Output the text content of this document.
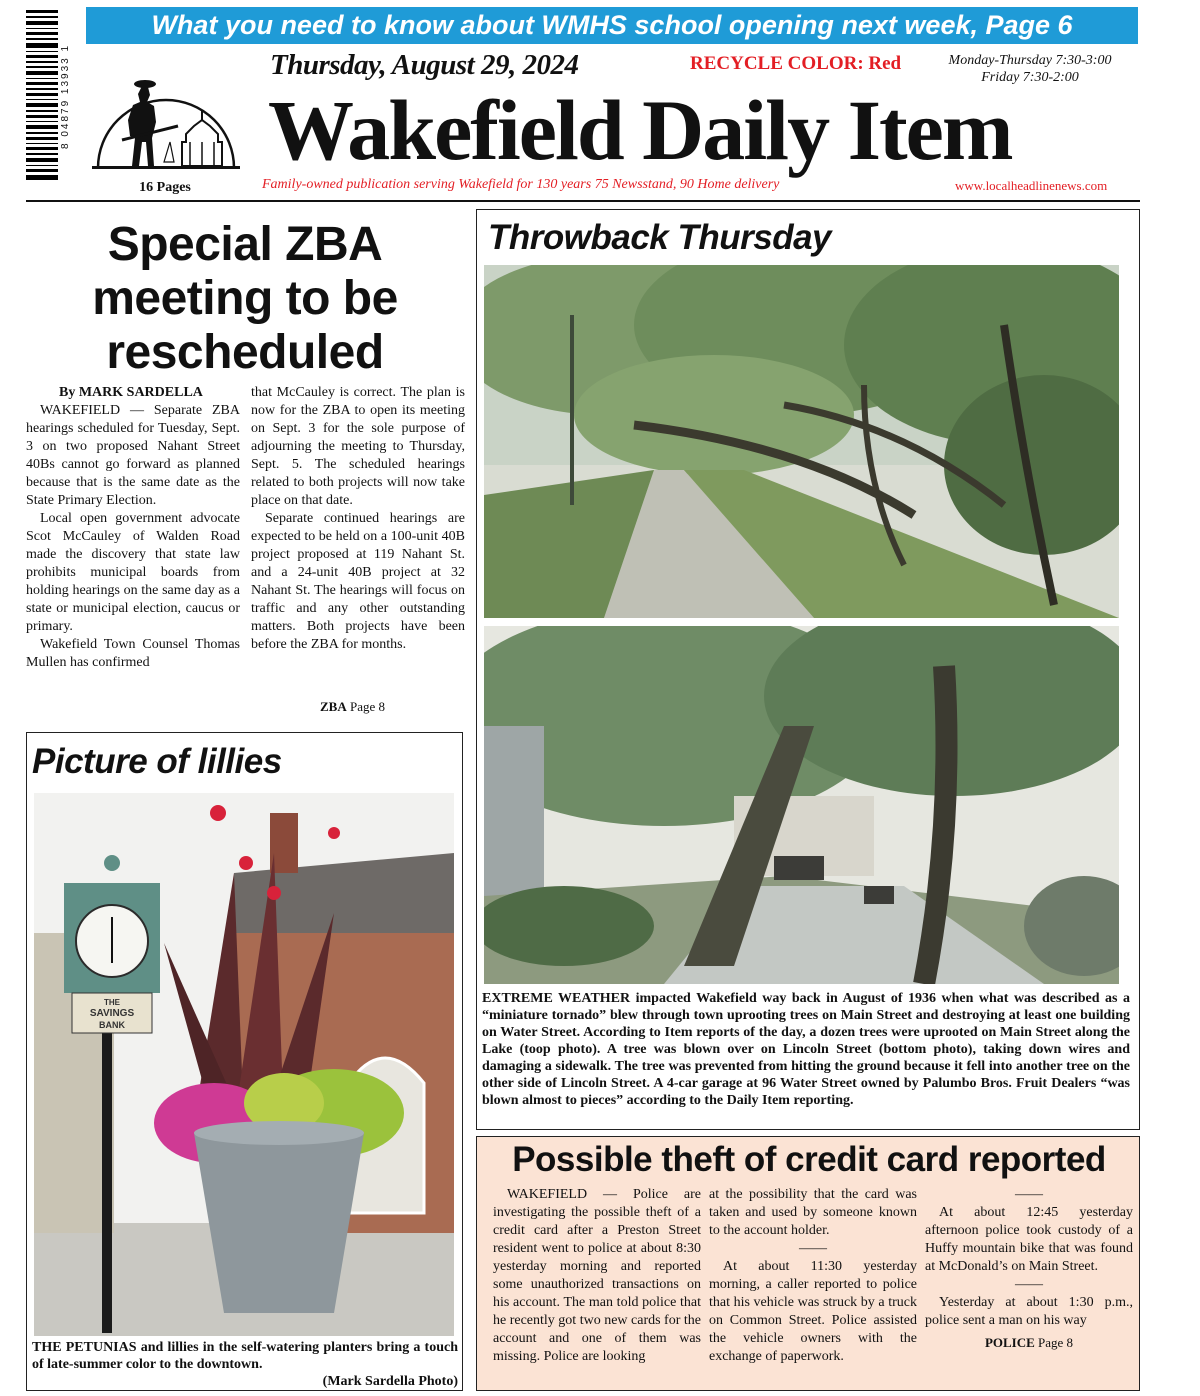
What you need to know about WMHS school opening next week, Page 6
8 04879 13933 1
16 Pages
Thursday, August 29, 2024	RECYCLE COLOR: Red	Monday-Thursday 7:30-3:00
Friday 7:30-2:00
Wakefield Daily Item
Family-owned publication serving Wakefield for 130 years 75 Newsstand, 90 Home delivery	www.localheadlinenews.com
Special ZBA meeting to be rescheduled

By MARK SARDELLA

WAKEFIELD — Separate ZBA hearings scheduled for Tuesday, Sept. 3 on two proposed Nahant Street 40Bs cannot go forward as planned because that is the same date as the State Primary Election.

Local open government advocate Scot McCauley of Walden Road made the discovery that state law prohibits municipal boards from holding hearings on the same day as a state or municipal election, caucus or primary.

Wakefield Town Counsel Thomas Mullen has confirmed

that McCauley is correct. The plan is now for the ZBA to open its meeting on Sept. 3 for the sole purpose of adjourning the meeting to Thursday, Sept. 5. The scheduled hearings related to both projects will now take place on that date.

Separate continued hearings are expected to be held on a 100-unit 40B project proposed at 119 Nahant St. and a 24-unit 40B project at 32 Nahant St. The hearings will focus on traffic and any other outstanding matters. Both projects have been before the ZBA for months.

ZBA Page 8
Throwback Thursday
EXTREME WEATHER impacted Wakefield way back in August of 1936 when what was described as a “miniature tornado” blew through town uprooting trees on Main Street and destroying at least one building on Water Street. According to Item reports of the day, a dozen trees were uprooted on Main Street along the Lake (toop photo). A tree was blown over on Lincoln Street (bottom photo), taking down wires and damaging a sidewalk. The tree was prevented from hitting the ground because it fell into another tree on the other side of Lincoln Street. A 4-car garage at 96 Water Street owned by Palumbo Bros. Fruit Dealers “was blown almost to pieces” according to the Daily Item reporting.
Picture of lillies
THE
SAVINGS
BANK
THE PETUNIAS and lillies in the self-watering planters bring a touch of late-summer color to the downtown.
(Mark Sardella Photo)
Possible theft of credit card reported

WAKEFIELD — Police are investigating the possible theft of a credit card after a Preston Street resident went to police at about 8:30 yesterday morning and reported some unauthorized transactions on his account. The man told police that he recently got two new cards for the account and one of them was missing. Police are looking

at the possibility that the card was taken and used by someone known to the account holder.

——

At about 11:30 yesterday morning, a caller reported to police that his vehicle was struck by a truck on Common Street. Police assisted the vehicle owners with the exchange of paperwork.

——

At about 12:45 yesterday afternoon police took custody of a Huffy mountain bike that was found at McDonald’s on Main Street.

——

Yesterday at about 1:30 p.m., police sent a man on his way

POLICE Page 8
